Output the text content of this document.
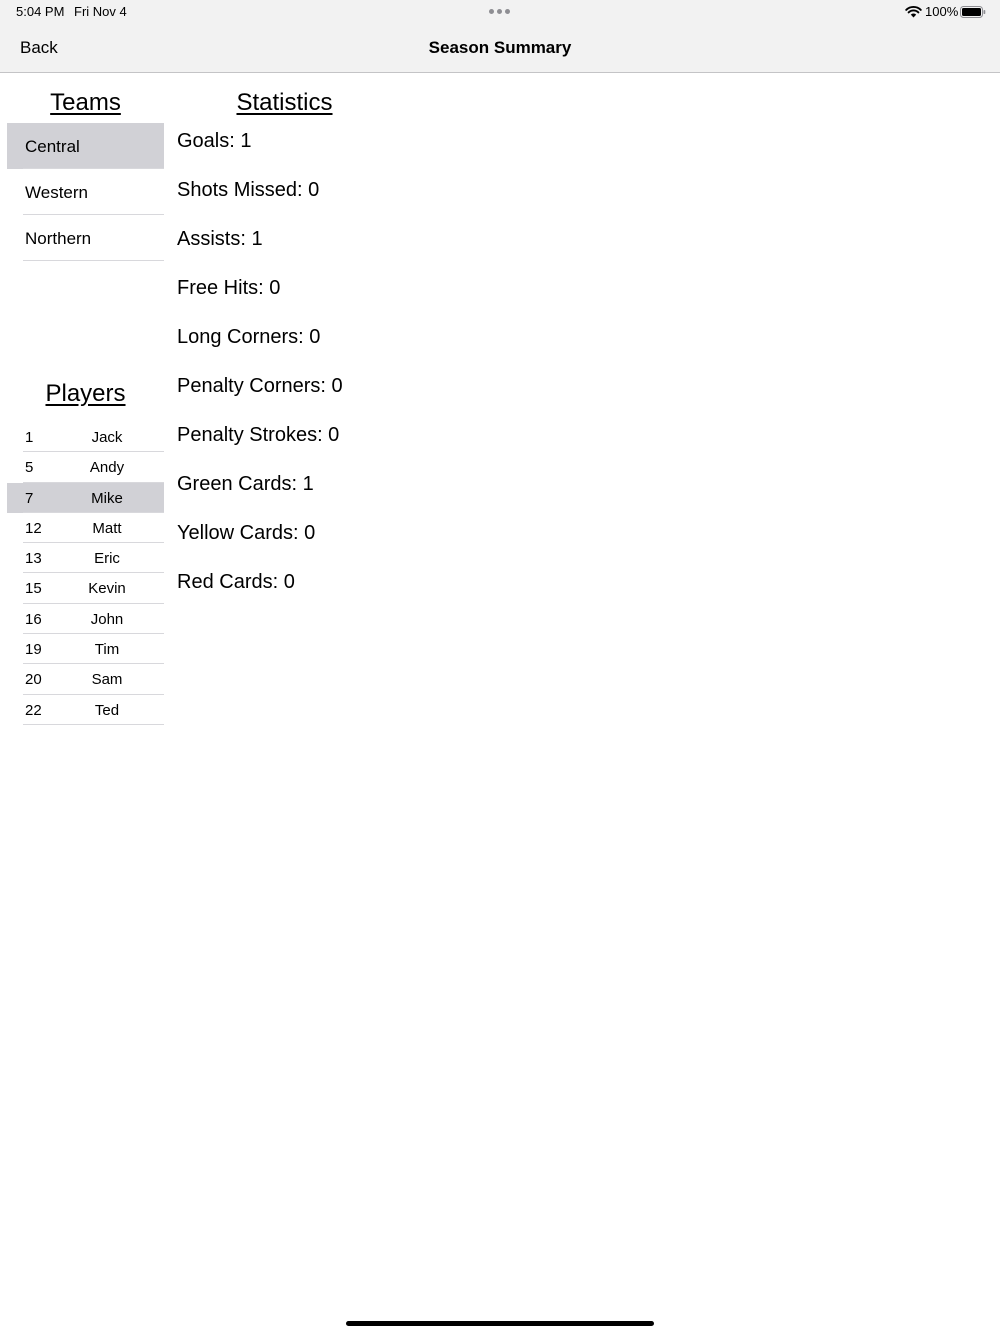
5:04 PM Fri Nov 4	100%
Season Summary
Back
Teams	Statistics
Players
Central
Western
Northern
1	Jack
5	Andy
7	Mike
12	Matt
13	Eric
15	Kevin
16	John
19	Tim
20	Sam
22	Ted
Goals: 1
Shots Missed: 0
Assists: 1
Free Hits: 0
Long Corners: 0
Penalty Corners: 0
Penalty Strokes: 0
Green Cards: 1
Yellow Cards: 0
Red Cards: 0
